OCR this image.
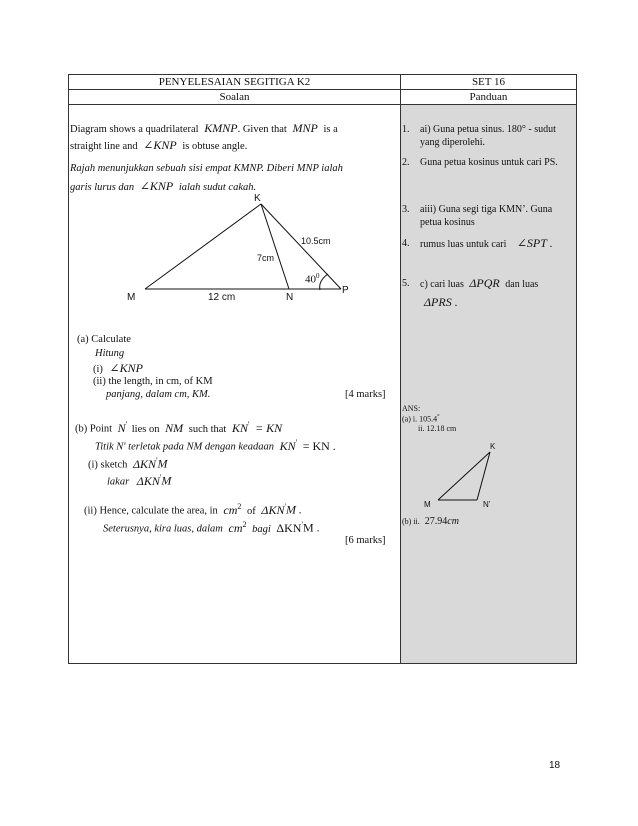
PENYELESAIAN SEGITIGA K2	SET 16
Soalan	Panduan

Diagram shows a quadrilateral KMNP. Given that MNP is a
straight line and ∠KNP is obtuse angle.
Rajah menunjukkan sebuah sisi empat KMNP. Diberi MNP ialah
garis lurus dan ∠KNP ialah sudut cakah.
K
M	N
P
10.5cm
7cm
12 cm
$40^0$
(a) Calculate
Hitung
(i) ∠KNP
(ii) the length, in cm, of KM
panjang, dalam cm, KM.	[4 marks]
(b) Point N' lies on NM such that KN' = KN
Titik N' terletak pada NM dengan keadaan KN' = KN .
(i) sketch ΔKN'M
lakar ΔKN'M
(ii) Hence, calculate the area, in $cm^2$ of ΔKN'M .
Seterusnya, kira luas, dalam $cm^2$ bagi ΔKN'M .
[6 marks]
1. ai) Guna petua sinus. 180° - sudut yang diperolehi.
2. Guna petua kosinus untuk cari PS.
3. aiii) Guna segi tiga KMN’. Guna petua kosinus
4. rumus luas untuk cari ∠SPT .
5. c) cari luas ΔPQR dan luas
ΔPRS .
ANS:
(a) i. 105.4°
ii. 12.18 cm
K
M	N’
(b) ii. 27.94cm
18
